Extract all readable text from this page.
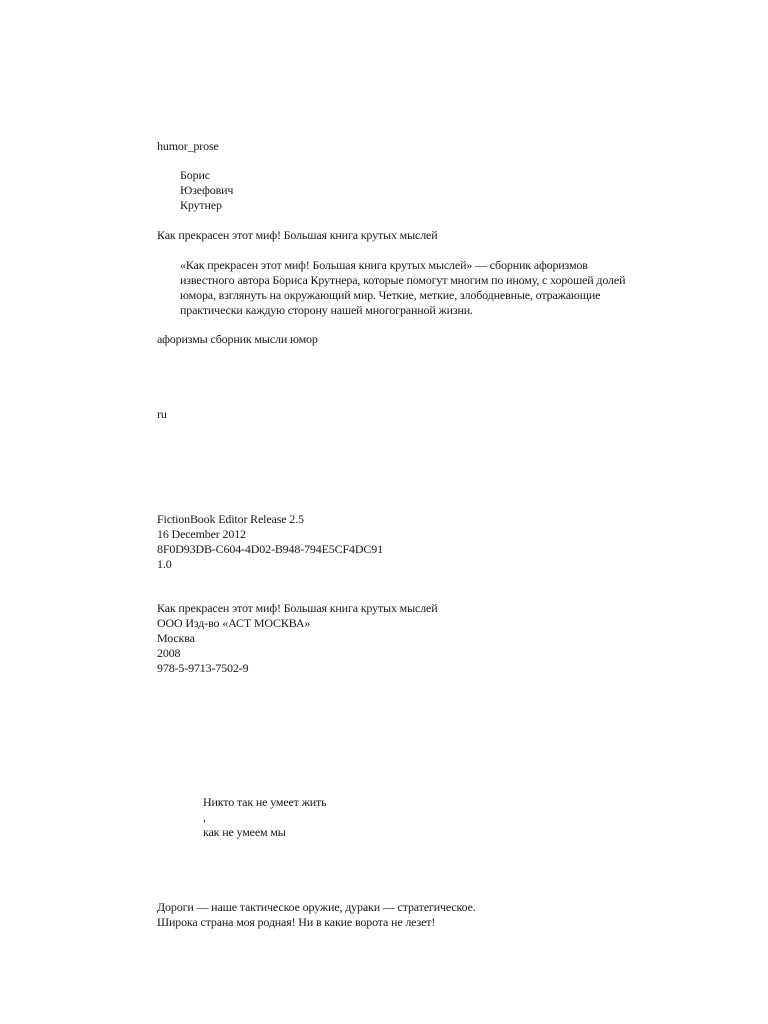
humor_prose
Борис
Юзефович
Крутнер
Как прекрасен этот миф! Большая книга крутых мыслей
«Как прекрасен этот миф! Большая книга крутых мыслей» — сборник афоризмов
известного автора Бориса Крутнера, которые помогут многим по иному, с хорошей долей
юмора, взглянуть на окружающий мир. Четкие, меткие, злободневные, отражающие
практически каждую сторону нашей многогранной жизни.
афоризмы сборник мысли юмор
ru
FictionBook Editor Release 2.5
16 December 2012
8F0D93DB-C604-4D02-B948-794E5CF4DC91
1.0
Как прекрасен этот миф! Большая книга крутых мыслей
ООО Изд-во «АСТ МОСКВА»
Москва
2008
978-5-9713-7502-9
Никто так не умеет жить
,
как не умеем мы
Дороги — наше тактическое оружие, дураки — стратегическое.
Широка страна моя родная! Ни в какие ворота не лезет!
